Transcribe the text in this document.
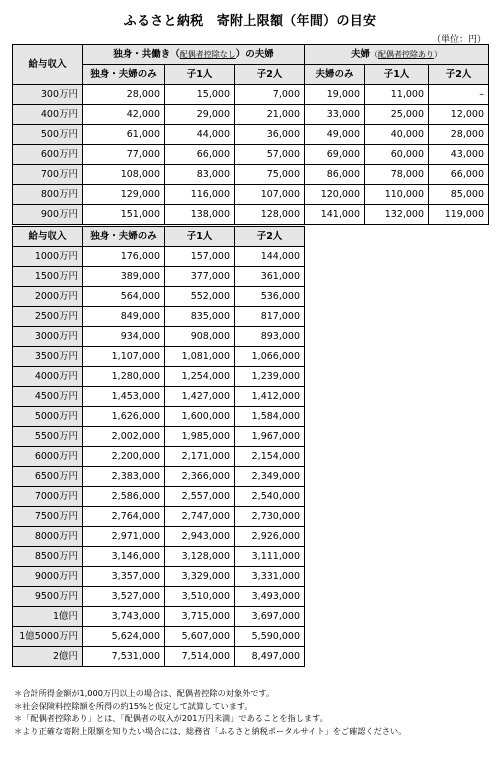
ふるさと納税　寄附上限額（年間）の目安
（単位：円）
給与収入	独身・共働き（配偶者控除なし）の夫婦			夫婦（配偶者控除あり）		
	独身・夫婦のみ	子1人	子2人	夫婦のみ	子1人	子2人
300万円	28,000	15,000	7,000	19,000	11,000	–
400万円	42,000	29,000	21,000	33,000	25,000	12,000
500万円	61,000	44,000	36,000	49,000	40,000	28,000
600万円	77,000	66,000	57,000	69,000	60,000	43,000
700万円	108,000	83,000	75,000	86,000	78,000	66,000
800万円	129,000	116,000	107,000	120,000	110,000	85,000
900万円	151,000	138,000	128,000	141,000	132,000	119,000
給与収入	独身・夫婦のみ	子1人	子2人
1000万円	176,000	157,000	144,000
1500万円	389,000	377,000	361,000
2000万円	564,000	552,000	536,000
2500万円	849,000	835,000	817,000
3000万円	934,000	908,000	893,000
3500万円	1,107,000	1,081,000	1,066,000
4000万円	1,280,000	1,254,000	1,239,000
4500万円	1,453,000	1,427,000	1,412,000
5000万円	1,626,000	1,600,000	1,584,000
5500万円	2,002,000	1,985,000	1,967,000
6000万円	2,200,000	2,171,000	2,154,000
6500万円	2,383,000	2,366,000	2,349,000
7000万円	2,586,000	2,557,000	2,540,000
7500万円	2,764,000	2,747,000	2,730,000
8000万円	2,971,000	2,943,000	2,926,000
8500万円	3,146,000	3,128,000	3,111,000
9000万円	3,357,000	3,329,000	3,331,000
9500万円	3,527,000	3,510,000	3,493,000
1億円	3,743,000	3,715,000	3,697,000
1億5000万円	5,624,000	5,607,000	5,590,000
2億円	7,531,000	7,514,000	8,497,000
＊合計所得金額が1,000万円以上の場合は、配偶者控除の対象外です。
＊社会保険料控除額を所得の約15%と仮定して試算しています。
＊「配偶者控除あり」とは、「配偶者の収入が201万円未満」であることを指します。
＊より正確な寄附上限額を知りたい場合には、総務省「ふるさと納税ポータルサイト」をご確認ください。
